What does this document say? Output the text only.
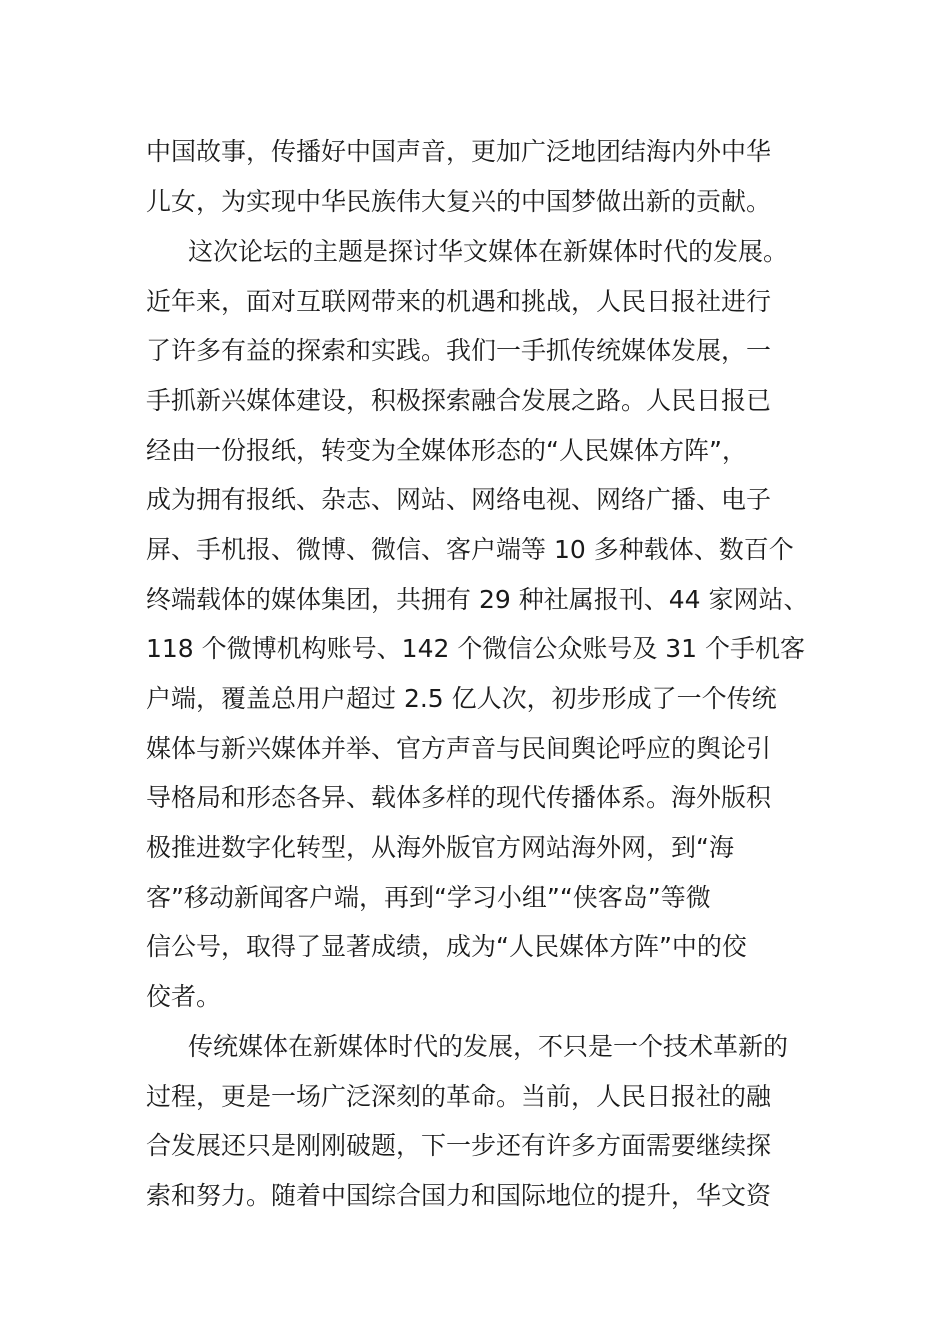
中国故事，传播好中国声音，更加广泛地团结海内外中华

儿女，为实现中华民族伟大复兴的中国梦做出新的贡献。

这次论坛的主题是探讨华文媒体在新媒体时代的发展。

近年来，面对互联网带来的机遇和挑战，人民日报社进行

了许多有益的探索和实践。我们一手抓传统媒体发展，一

手抓新兴媒体建设，积极探索融合发展之路。人民日报已

经由一份报纸，转变为全媒体形态的“人民媒体方阵”，

成为拥有报纸、杂志、网站、网络电视、网络广播、电子

屏、手机报、微博、微信、客户端等 10 多种载体、数百个

终端载体的媒体集团，共拥有 29 种社属报刊、44 家网站、

118 个微博机构账号、142 个微信公众账号及 31 个手机客

户端，覆盖总用户超过 2.5 亿人次，初步形成了一个传统

媒体与新兴媒体并举、官方声音与民间舆论呼应的舆论引

导格局和形态各异、载体多样的现代传播体系。海外版积

极推进数字化转型，从海外版官方网站海外网，到“海

客”移动新闻客户端，再到“学习小组”“侠客岛”等微

信公号，取得了显著成绩，成为“人民媒体方阵”中的佼

佼者。

传统媒体在新媒体时代的发展，不只是一个技术革新的

过程，更是一场广泛深刻的革命。当前，人民日报社的融

合发展还只是刚刚破题，下一步还有许多方面需要继续探

索和努力。随着中国综合国力和国际地位的提升，华文资
